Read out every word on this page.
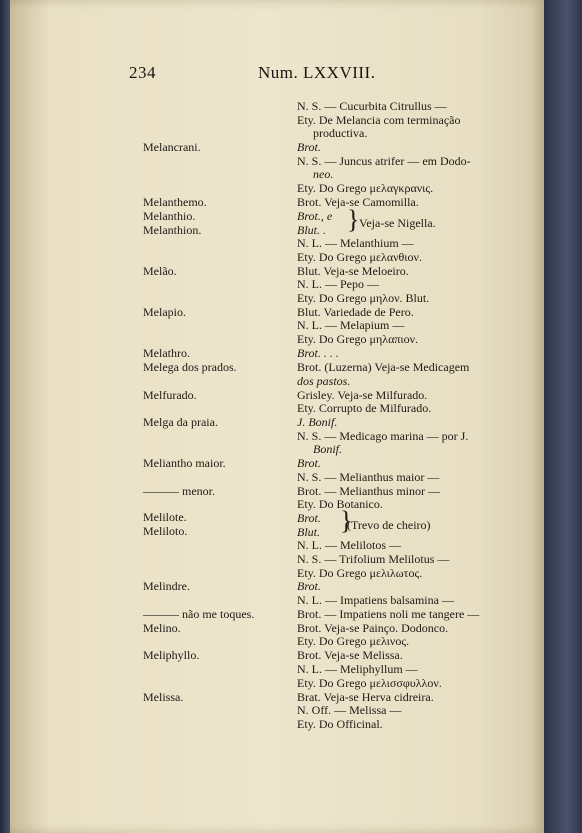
234	Num. LXXVIII.
Melancrani.
Melanthemo.
Melanthio.
Melanthion.
Melão.
Melapio.
Melathro.
Melega dos prados.
Melfurado.
Melga da praia.
Meliantho maior.
——— menor.
Melilote.
Meliloto.
Melindre.
——— não me toques.
Melino.
Meliphyllo.
Melissa.
N. S. — Cucurbita Citrullus —
Ety. De Melancia com terminação
productiva.
Brot.
N. S. — Juncus atrifer — em Dodo-
neo.
Ety. Do Grego μελαγκρανις.
Brot. Veja-se Camomilla.
Brot., e Veja-se Nigella.
Blut. .
N. L. — Melanthium —
Ety. Do Grego μελανθιον.
Blut. Veja-se Meloeiro.
N. L. — Pepo —
Ety. Do Grego μηλον. Blut.
Blut. Variedade de Pero.
N. L. — Melapium —
Ety. Do Grego μηλαπιον.
Brot. . . .
Brot. (Luzerna) Veja-se Medicagem
dos pastos.
Grisley. Veja-se Milfurado.
Ety. Corrupto de Milfurado.
J. Bonif.
N. S. — Medicago marina — por J.
Bonif.
Brot.
N. S. — Melianthus maior —
Brot. — Melianthus minor —
Ety. Do Botanico.
Brot. (Trevo de cheiro)
Blut.
N. L. — Melilotos —
N. S. — Trifolium Melilotus —
Ety. Do Grego μελιλωτος.
Brot.
N. L. — Impatiens balsamina —
Brot. — Impatiens noli me tangere —
Brot. Veja-se Painço. Dodonco.
Ety. Do Grego μελινος.
Brot. Veja-se Melissa.
N. L. — Meliphyllum —
Ety. Do Grego μελισσφυλλον.
Brat. Veja-se Herva cidreira.
N. Off. — Melissa —
Ety. Do Officinal.
}
}
